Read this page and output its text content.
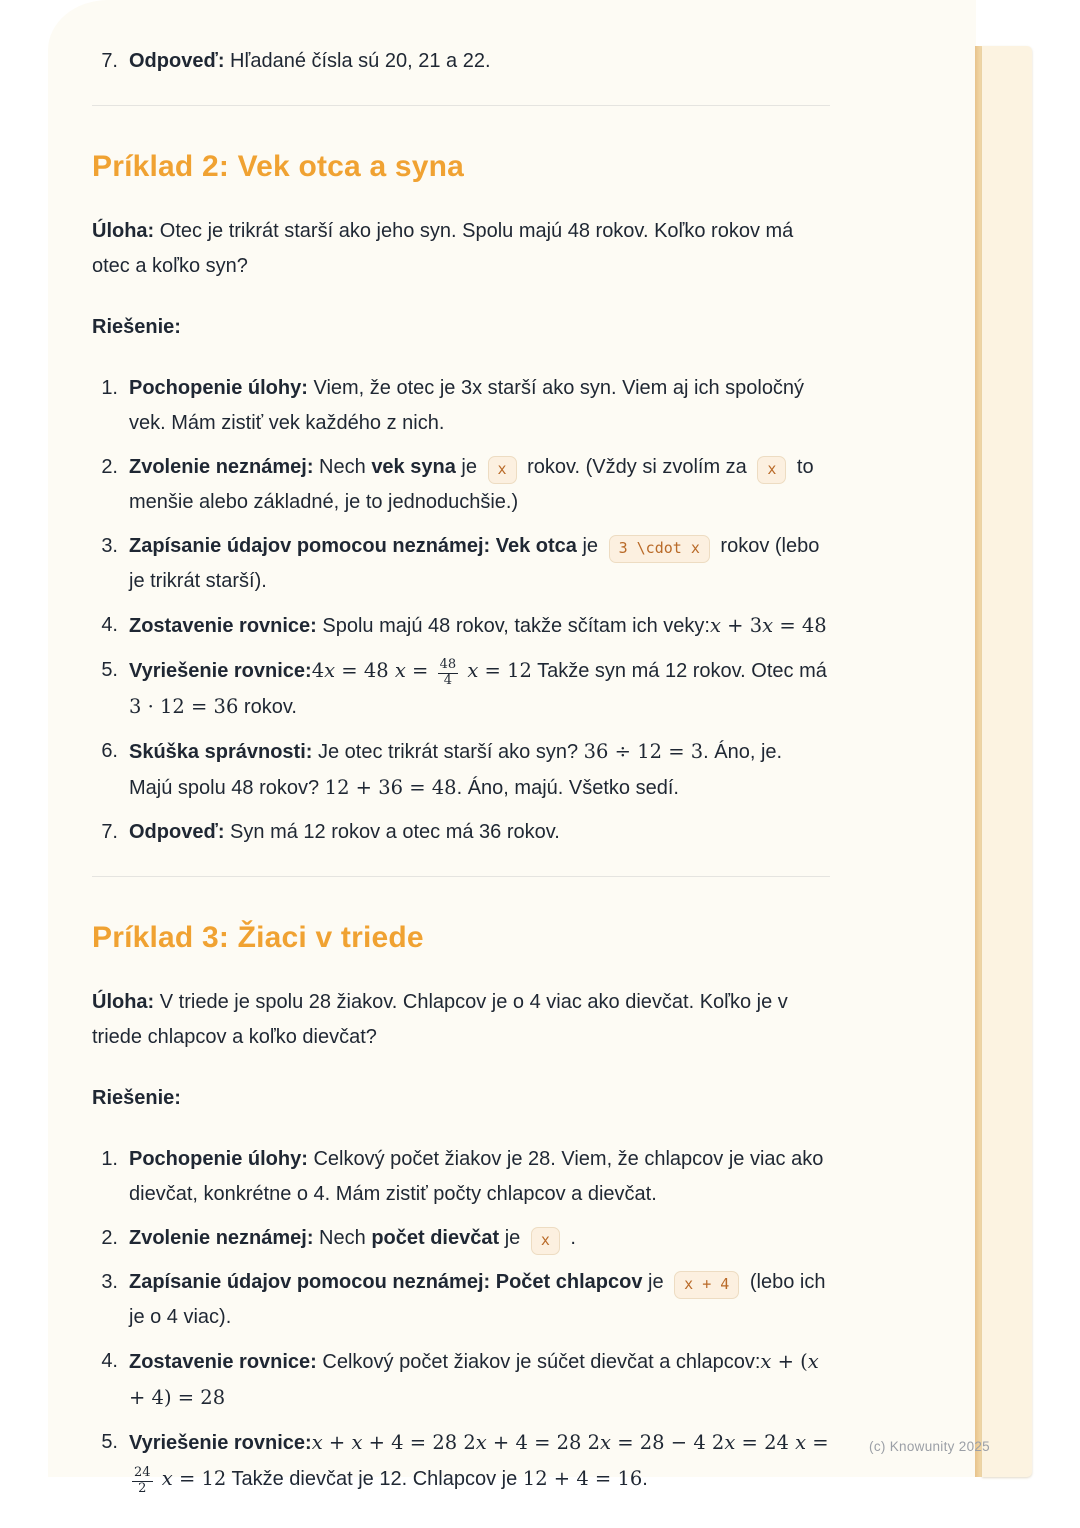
7. Odpoveď: Hľadané čísla sú 20, 21 a 22.
Príklad 2: Vek otca a syna

Úloha: Otec je trikrát starší ako jeho syn. Spolu majú 48 rokov. Koľko rokov má otec a koľko syn?

Riešenie:

1. Pochopenie úlohy: Viem, že otec je 3x starší ako syn. Viem aj ich spoločný vek. Mám zistiť vek každého z nich.
2. Zvolenie neznámej: Nech vek syna je x rokov. (Vždy si zvolím za x to menšie alebo základné, je to jednoduchšie.)
3. Zapísanie údajov pomocou neznámej: Vek otca je 3 \cdot x rokov (lebo je trikrát starší).
4. Zostavenie rovnice: Spolu majú 48 rokov, takže sčítam ich veky:x + 3x = 48
5. Vyriešenie rovnice:4x = 48 $x = \frac{48}{4}$ x = 12 Takže syn má 12 rokov. Otec má 3 · 12 = 36 rokov.
6. Skúška správnosti: Je otec trikrát starší ako syn? 36 ÷ 12 = 3. Áno, je. Majú spolu 48 rokov? 12 + 36 = 48. Áno, majú. Všetko sedí.
7. Odpoveď: Syn má 12 rokov a otec má 36 rokov.
Príklad 3: Žiaci v triede

Úloha: V triede je spolu 28 žiakov. Chlapcov je o 4 viac ako dievčat. Koľko je v triede chlapcov a koľko dievčat?

Riešenie:

1. Pochopenie úlohy: Celkový počet žiakov je 28. Viem, že chlapcov je viac ako dievčat, konkrétne o 4. Mám zistiť počty chlapcov a dievčat.
2. Zvolenie neznámej: Nech počet dievčat je x .
3. Zapísanie údajov pomocou neznámej: Počet chlapcov je x + 4 (lebo ich je o 4 viac).
4. Zostavenie rovnice: Celkový počet žiakov je súčet dievčat a chlapcov:x + (x + 4) = 28
5. Vyriešenie rovnice:x + x + 4 = 28 2x + 4 = 28 2x = 28 − 4 2x = 24 x =
$\frac{24}{2}$ x = 12 Takže dievčat je 12. Chlapcov je 12 + 4 = 16.
(c) Knowunity 2025
